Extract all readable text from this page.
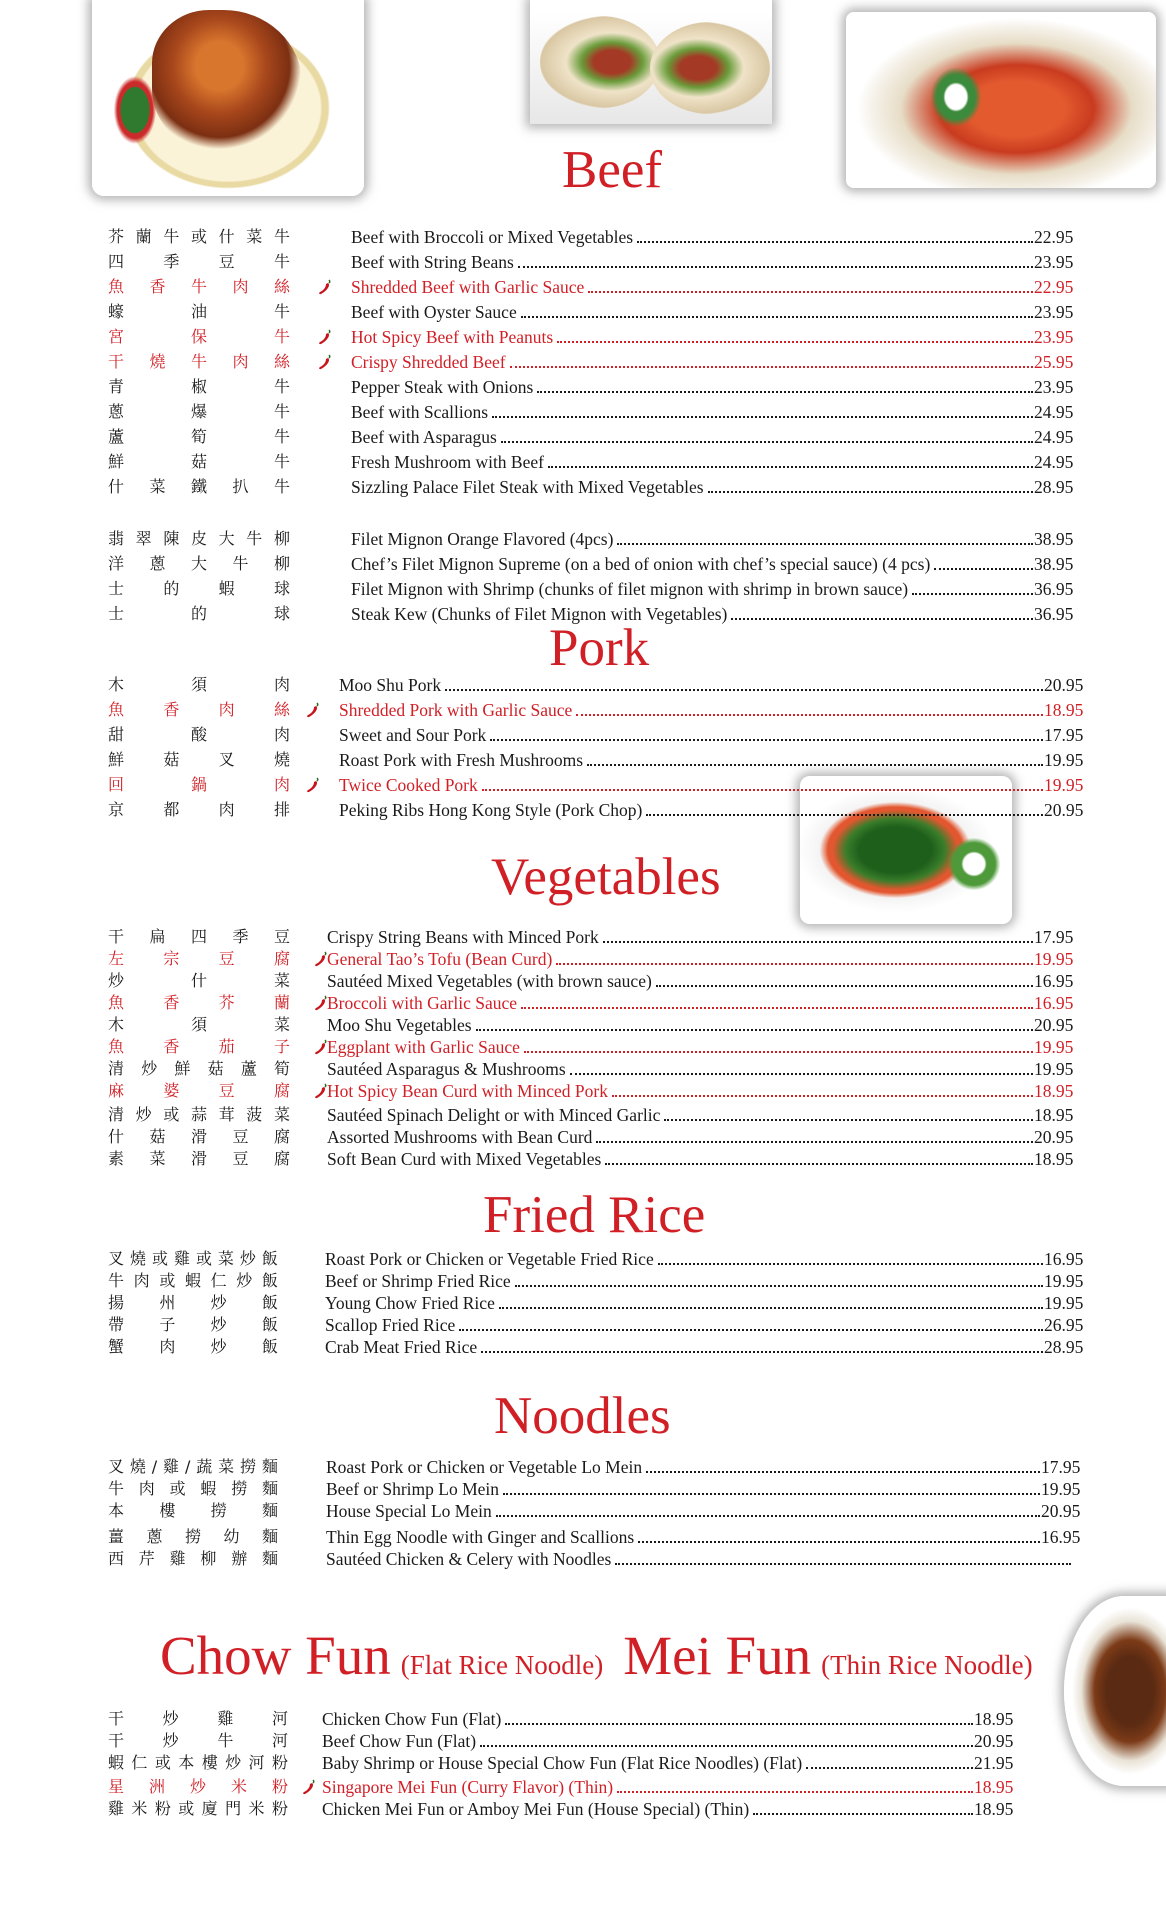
Beef
Pork
Vegetables
Fried Rice
Noodles
Chow Fun (Flat Rice Noodle) Mei Fun (Thin Rice Noodle)
芥 蘭 牛 或 什 菜 牛	Beef with Broccoli or Mixed Vegetables	22.95
四 季 豆 牛	Beef with String Beans	23.95
魚 香 牛 肉 絲	Shredded Beef with Garlic Sauce	22.95
蠔	油	牛	Beef with Oyster Sauce	23.95
宮	保	牛	Hot Spicy Beef with Peanuts	23.95
干 燒 牛 肉 絲	Crispy Shredded Beef	25.95
青	椒	牛	Pepper Steak with Onions	23.95
蔥	爆	牛	Beef with Scallions	24.95
蘆	筍	牛	Beef with Asparagus	24.95
鮮	菇	牛	Fresh Mushroom with Beef	24.95
什 菜 鐵 扒 牛	Sizzling Palace Filet Steak with Mixed Vegetables	28.95
翡 翠 陳 皮 大 牛 柳	Filet Mignon Orange Flavored (4pcs)	38.95
洋 蔥 大 牛 柳	Chef’s Filet Mignon Supreme (on a bed of onion with chef’s special sauce) (4 pcs)	38.95
士 的 蝦 球	Filet Mignon with Shrimp (chunks of filet mignon with shrimp in brown sauce)	36.95
士	的	球	Steak Kew (Chunks of Filet Mignon with Vegetables)	36.95
木	須	肉	Moo Shu Pork	20.95
魚 香 肉 絲	Shredded Pork with Garlic Sauce	18.95
甜	酸	肉	Sweet and Sour Pork	17.95
鮮 菇 叉 燒	Roast Pork with Fresh Mushrooms	19.95
回	鍋	肉	Twice Cooked Pork	19.95
京 都 肉 排	Peking Ribs Hong Kong Style (Pork Chop)	20.95
干 扁 四 季 豆 Crispy String Beans with Minced Pork	17.95
左 宗 豆 腐 General Tao’s Tofu (Bean Curd)	19.95
炒	什	菜 Sautéed Mixed Vegetables (with brown sauce)	16.95
魚 香 芥 蘭 Broccoli with Garlic Sauce	16.95
木	須	菜 Moo Shu Vegetables	20.95
魚 香 茄 子 Eggplant with Garlic Sauce	19.95
清 炒 鮮 菇 蘆 筍 Sautéed Asparagus & Mushrooms	19.95
麻 婆 豆 腐 Hot Spicy Bean Curd with Minced Pork	18.95
清 炒 或 蒜 茸 菠 菜 Sautéed Spinach Delight or with Minced Garlic	18.95
什 菇 滑 豆 腐 Assorted Mushrooms with Bean Curd	20.95
素 菜 滑 豆 腐 Soft Bean Curd with Mixed Vegetables	18.95
叉 燒 或 雞 或 菜 炒 飯	Roast Pork or Chicken or Vegetable Fried Rice	16.95
牛 肉 或 蝦 仁 炒 飯	Beef or Shrimp Fried Rice	19.95
揚 州 炒 飯	Young Chow Fried Rice	19.95
帶 子 炒 飯	Scallop Fried Rice	26.95
蟹 肉 炒 飯	Crab Meat Fried Rice	28.95
叉 燒 / 雞 / 蔬 菜 撈 麵	Roast Pork or Chicken or Vegetable Lo Mein	17.95
牛 肉 或 蝦 撈 麵	Beef or Shrimp Lo Mein	19.95
本 樓 撈 麵	House Special Lo Mein	20.95
薑 蔥 撈 幼 麵	Thin Egg Noodle with Ginger and Scallions	16.95
西 芹 雞 柳 辦 麵	Sautéed Chicken & Celery with Noodles
干 炒 雞 河 Chicken Chow Fun (Flat)	18.95
干 炒 牛 河 Beef Chow Fun (Flat)	20.95
蝦 仁 或 本 樓 炒 河 粉 Baby Shrimp or House Special Chow Fun (Flat Rice Noodles) (Flat)	21.95
星 洲 炒 米 粉 Singapore Mei Fun (Curry Flavor) (Thin)	18.95
雞 米 粉 或 廈 門 米 粉 Chicken Mei Fun or Amboy Mei Fun (House Special) (Thin)	18.95
